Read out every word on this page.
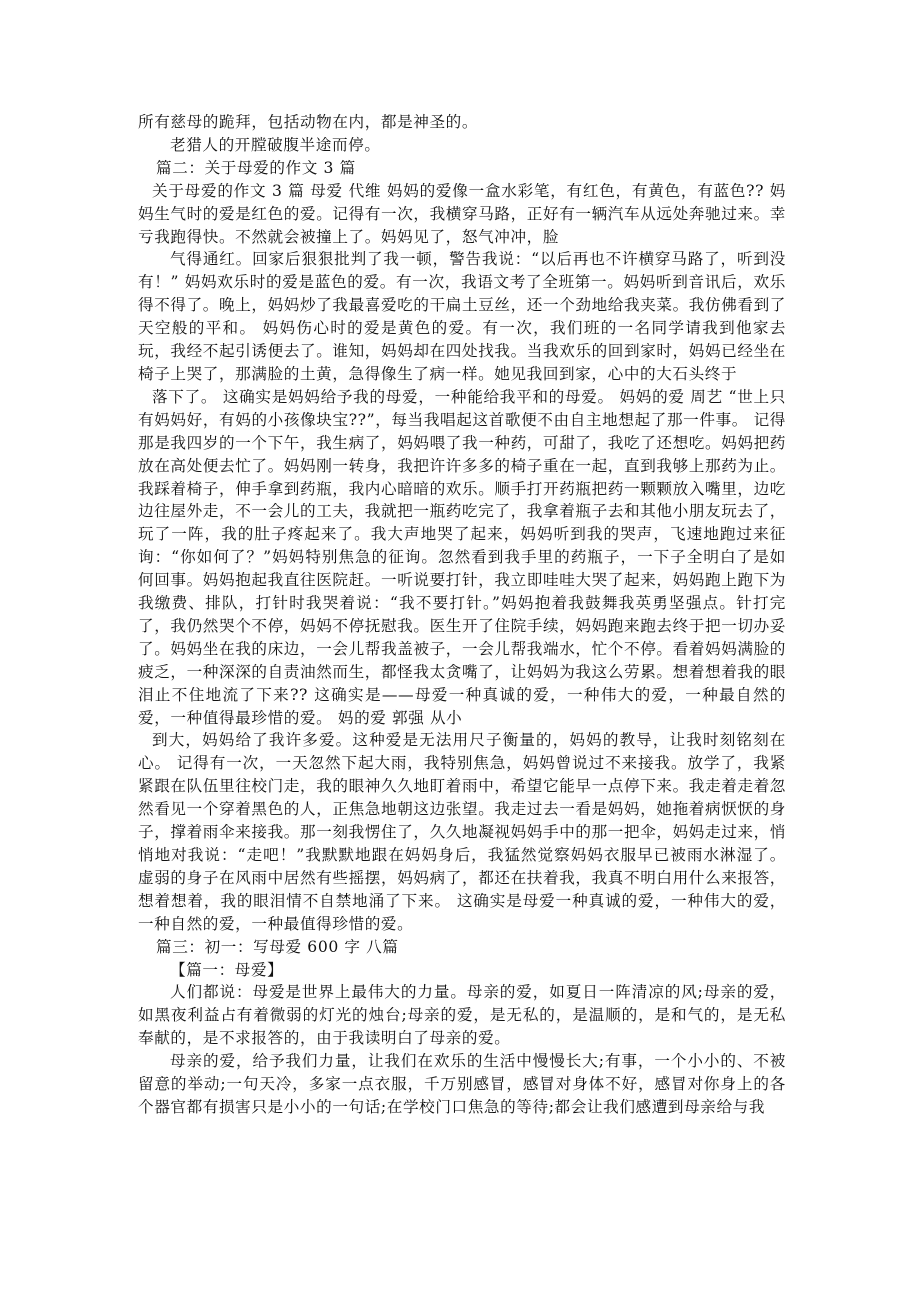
所有慈母的跪拜，包括动物在内，都是神圣的。

老猎人的开膛破腹半途而停。

篇二：关于母爱的作文 3 篇

关于母爱的作文 3 篇 母爱 代维 妈妈的爱像一盒水彩笔，有红色，有黄色，有蓝色?? 妈妈生气时的爱是红色的爱。记得有一次，我横穿马路，正好有一辆汽车从远处奔驰过来。幸亏我跑得快。不然就会被撞上了。妈妈见了，怒气冲冲，脸

气得通红。回家后狠狠批判了我一顿，警告我说：“以后再也不许横穿马路了，听到没有！” 妈妈欢乐时的爱是蓝色的爱。有一次，我语文考了全班第一。妈妈听到音讯后，欢乐得不得了。晚上，妈妈炒了我最喜爱吃的干扁土豆丝，还一个劲地给我夹菜。我仿佛看到了天空般的平和。 妈妈伤心时的爱是黄色的爱。有一次，我们班的一名同学请我到他家去玩，我经不起引诱便去了。谁知，妈妈却在四处找我。当我欢乐的回到家时，妈妈已经坐在椅子上哭了，那满脸的土黄，急得像生了病一样。她见我回到家，心中的大石头终于

落下了。 这确实是妈妈给予我的母爱，一种能给我平和的母爱。 妈妈的爱 周艺 “世上只有妈妈好，有妈的小孩像块宝??”，每当我唱起这首歌便不由自主地想起了那一件事。 记得那是我四岁的一个下午，我生病了，妈妈喂了我一种药，可甜了，我吃了还想吃。妈妈把药放在高处便去忙了。妈妈刚一转身，我把许许多多的椅子重在一起，直到我够上那药为止。我踩着椅子，伸手拿到药瓶，我内心暗暗的欢乐。顺手打开药瓶把药一颗颗放入嘴里，边吃边往屋外走，不一会儿的工夫，我就把一瓶药吃完了，我拿着瓶子去和其他小朋友玩去了，玩了一阵，我的肚子疼起来了。我大声地哭了起来，妈妈听到我的哭声，飞速地跑过来征询：“你如何了？”妈妈特别焦急的征询。忽然看到我手里的药瓶子，一下子全明白了是如何回事。妈妈抱起我直往医院赶。一听说要打针，我立即哇哇大哭了起来，妈妈跑上跑下为我缴费、排队，打针时我哭着说：“我不要打针。”妈妈抱着我鼓舞我英勇坚强点。针打完了，我仍然哭个不停，妈妈不停抚慰我。医生开了住院手续，妈妈跑来跑去终于把一切办妥了。妈妈坐在我的床边，一会儿帮我盖被子，一会儿帮我端水，忙个不停。看着妈妈满脸的疲乏，一种深深的自责油然而生，都怪我太贪嘴了，让妈妈为我这么劳累。想着想着我的眼泪止不住地流了下来?? 这确实是——母爱一种真诚的爱，一种伟大的爱，一种最自然的爱，一种值得最珍惜的爱。 妈的爱 郭强 从小

到大，妈妈给了我许多爱。这种爱是无法用尺子衡量的，妈妈的教导，让我时刻铭刻在心。 记得有一次，一天忽然下起大雨，我特别焦急，妈妈曾说过不来接我。放学了，我紧紧跟在队伍里往校门走，我的眼神久久地盯着雨中，希望它能早一点停下来。我走着走着忽然看见一个穿着黑色的人，正焦急地朝这边张望。我走过去一看是妈妈，她拖着病恹恹的身子，撑着雨伞来接我。那一刻我愣住了，久久地凝视妈妈手中的那一把伞，妈妈走过来，悄悄地对我说：“走吧！”我默默地跟在妈妈身后，我猛然觉察妈妈衣服早已被雨水淋湿了。虚弱的身子在风雨中居然有些摇摆，妈妈病了，都还在扶着我，我真不明白用什么来报答，想着想着，我的眼泪情不自禁地涌了下来。 这确实是母爱一种真诚的爱，一种伟大的爱，一种自然的爱，一种最值得珍惜的爱。

篇三：初一：写母爱 600 字 八篇

【篇一：母爱】

人们都说：母爱是世界上最伟大的力量。母亲的爱，如夏日一阵清凉的风;母亲的爱，如黑夜利益占有着微弱的灯光的烛台;母亲的爱，是无私的，是温顺的，是和气的，是无私奉献的，是不求报答的，由于我读明白了母亲的爱。

母亲的爱，给予我们力量，让我们在欢乐的生活中慢慢长大;有事，一个小小的、不被留意的举动;一句天冷，多家一点衣服，千万别感冒，感冒对身体不好，感冒对你身上的各个器官都有损害只是小小的一句话;在学校门口焦急的等待;都会让我们感遭到母亲给与我
